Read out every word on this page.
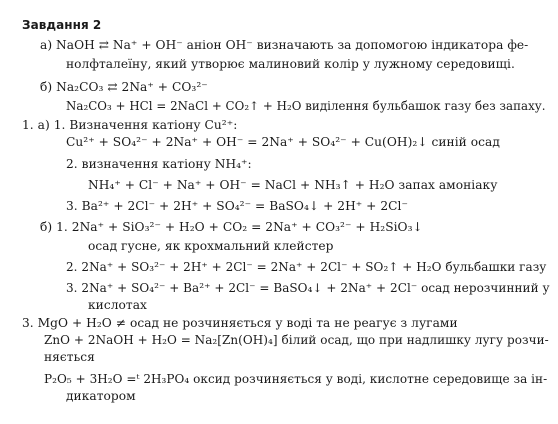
Завдання 2
а) NaOH ⇄ Na⁺ + OH⁻ аніон OH⁻ визначають за допомогою індикатора фе-
нолфталеїну, який утворює малиновий колір у лужному середовищі.
б) Na₂CO₃ ⇄ 2Na⁺ + CO₃²⁻
Na₂CO₃ + HCl = 2NaCl + CO₂↑ + H₂O виділення бульбашок газу без запаху.
1. а) 1. Визначення катіону Cu²⁺:
Cu²⁺ + SO₄²⁻ + 2Na⁺ + OH⁻ = 2Na⁺ + SO₄²⁻ + Cu(OH)₂↓ синій осад
2. визначення катіону NH₄⁺:
NH₄⁺ + Cl⁻ + Na⁺ + OH⁻ = NaCl + NH₃↑ + H₂O запах амоніаку
3. Ba²⁺ + 2Cl⁻ + 2H⁺ + SO₄²⁻ = BaSO₄↓ + 2H⁺ + 2Cl⁻
б) 1. 2Na⁺ + SiO₃²⁻ + H₂O + CO₂ = 2Na⁺ + CO₃²⁻ + H₂SiO₃↓
осад гусне, як крохмальний клейстер
2. 2Na⁺ + SO₃²⁻ + 2H⁺ + 2Cl⁻ = 2Na⁺ + 2Cl⁻ + SO₂↑ + H₂O бульбашки газу
3. 2Na⁺ + SO₄²⁻ + Ba²⁺ + 2Cl⁻ = BaSO₄↓ + 2Na⁺ + 2Cl⁻ осад нерозчинний у
кислотах
3. MgO + H₂O ≠ осад не розчиняється у воді та не реагує з лугами
ZnO + 2NaOH + H₂O = Na₂[Zn(OH)₄] білий осад, що при надлишку лугу розчи-
няється
P₂O₅ + 3H₂O =ᵗ 2H₃PO₄ оксид розчиняється у воді, кислотне середовище за ін-
дикатором
